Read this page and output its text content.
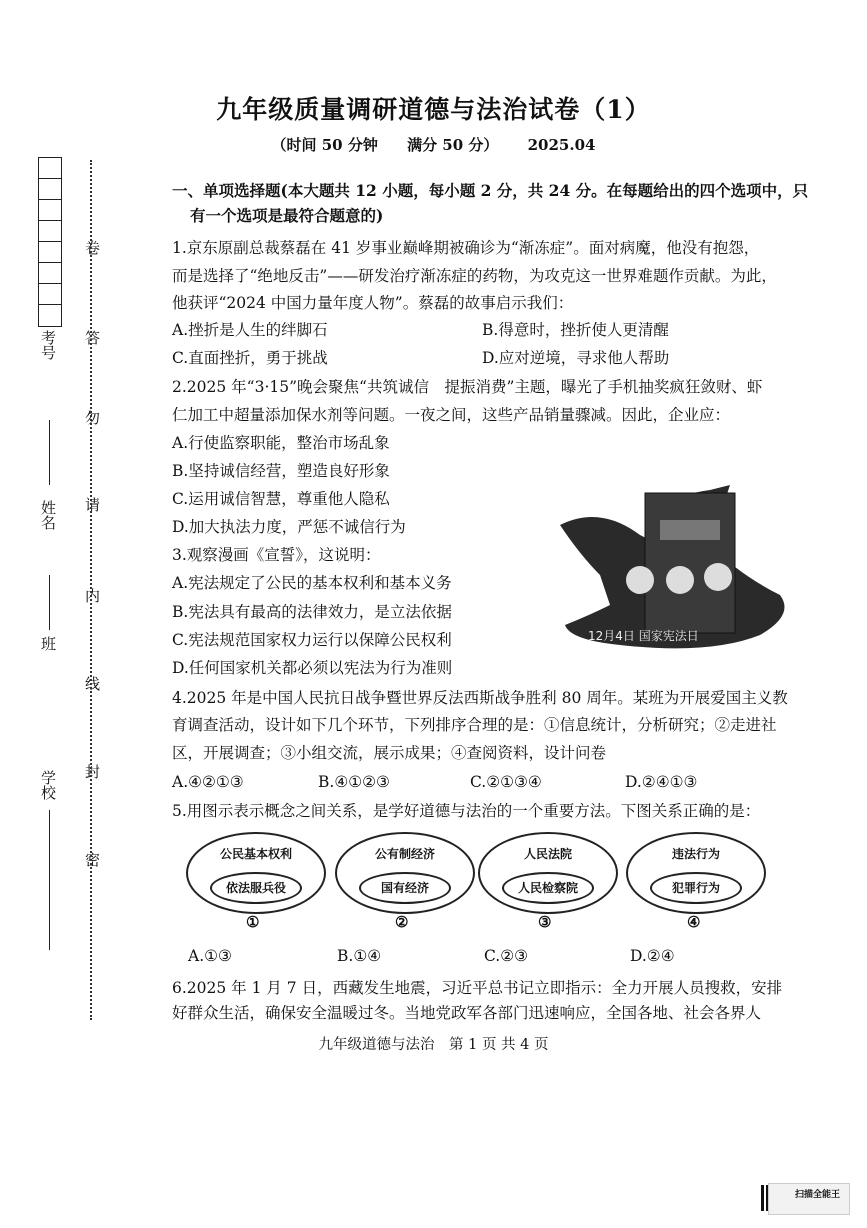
考号
姓名
班
学校
卷
答
勿
请
内
线
封
密
九年级质量调研道德与法治试卷（1）
（时间 50 分钟 满分 50 分） 2025.04
一、单项选择题(本大题共 12 小题，每小题 2 分，共 24 分。在每题给出的四个选项中，只
有一个选项是最符合题意的)
1.京东原副总裁蔡磊在 41 岁事业巅峰期被确诊为“渐冻症”。面对病魔，他没有抱怨，
而是选择了“绝地反击”——研发治疗渐冻症的药物，为攻克这一世界难题作贡献。为此，
他获评“2024 中国力量年度人物”。蔡磊的故事启示我们：
A.挫折是人生的绊脚石	B.得意时，挫折使人更清醒
C.直面挫折，勇于挑战	D.应对逆境，寻求他人帮助
2.2025 年“3·15”晚会聚焦“共筑诚信　提振消费”主题，曝光了手机抽奖疯狂敛财、虾
仁加工中超量添加保水剂等问题。一夜之间，这些产品销量骤减。因此，企业应：
A.行使监察职能，整治市场乱象
B.坚持诚信经营，塑造良好形象
C.运用诚信智慧，尊重他人隐私
D.加大执法力度，严惩不诚信行为
3.观察漫画《宣誓》，这说明：
A.宪法规定了公民的基本权利和基本义务
B.宪法具有最高的法律效力，是立法依据
C.宪法规范国家权力运行以保障公民权利
D.任何国家机关都必须以宪法为行为准则
12月4日 国家宪法日
4.2025 年是中国人民抗日战争暨世界反法西斯战争胜利 80 周年。某班为开展爱国主义教
育调查活动，设计如下几个环节，下列排序合理的是：①信息统计，分析研究；②走进社
区，开展调查；③小组交流，展示成果；④查阅资料，设计问卷
A.④②①③	B.④①②③	C.②①③④	D.②④①③
5.用图示表示概念之间关系，是学好道德与法治的一个重要方法。下图关系正确的是：
公民基本权利
依法服兵役
①
公有制经济
国有经济
②
人民法院
人民检察院
③
违法行为
犯罪行为
④
A.①③	B.①④	C.②③	D.②④
6.2025 年 1 月 7 日，西藏发生地震，习近平总书记立即指示：全力开展人员搜救，安排
好群众生活，确保安全温暖过冬。当地党政军各部门迅速响应，全国各地、社会各界人
九年级道德与法治　第 1 页 共 4 页
扫描全能王
